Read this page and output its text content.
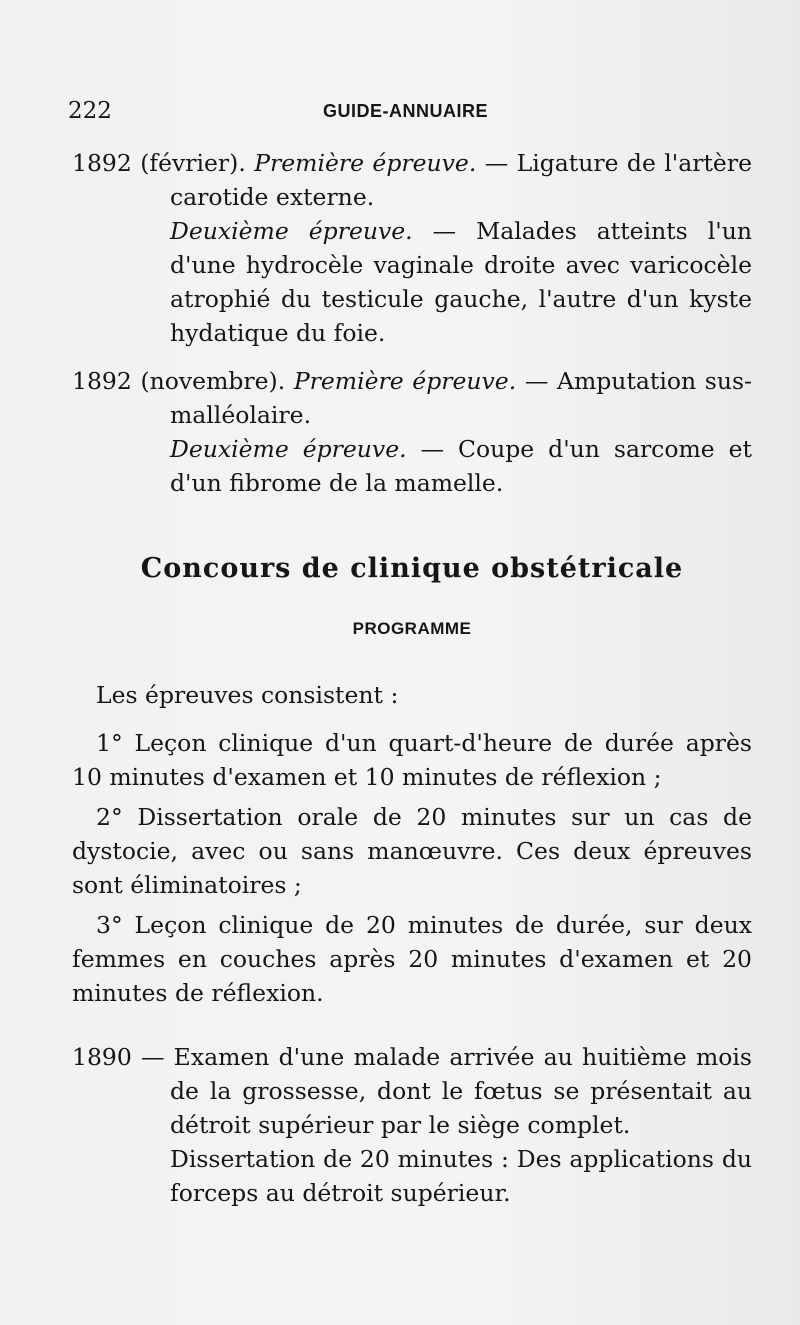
222	GUIDE-ANNUAIRE

1892 (février). Première épreuve. — Ligature de l'artère carotide externe.

Deuxième épreuve. — Malades atteints l'un d'une hydrocèle vaginale droite avec varicocèle atrophié du testicule gauche, l'autre d'un kyste hydatique du foie.

1892 (novembre). Première épreuve. — Amputation sus-malléolaire.

Deuxième épreuve. — Coupe d'un sarcome et d'un fibrome de la mamelle.

Concours de clinique obstétricale
PROGRAMME

Les épreuves consistent :

1° Leçon clinique d'un quart-d'heure de durée après 10 minutes d'examen et 10 minutes de réflexion ;

2° Dissertation orale de 20 minutes sur un cas de dystocie, avec ou sans manœuvre. Ces deux épreuves sont éliminatoires ;

3° Leçon clinique de 20 minutes de durée, sur deux femmes en couches après 20 minutes d'examen et 20 minutes de réflexion.

1890 — Examen d'une malade arrivée au huitième mois de la grossesse, dont le fœtus se présentait au détroit supérieur par le siège complet.

Dissertation de 20 minutes : Des applications du forceps au détroit supérieur.
